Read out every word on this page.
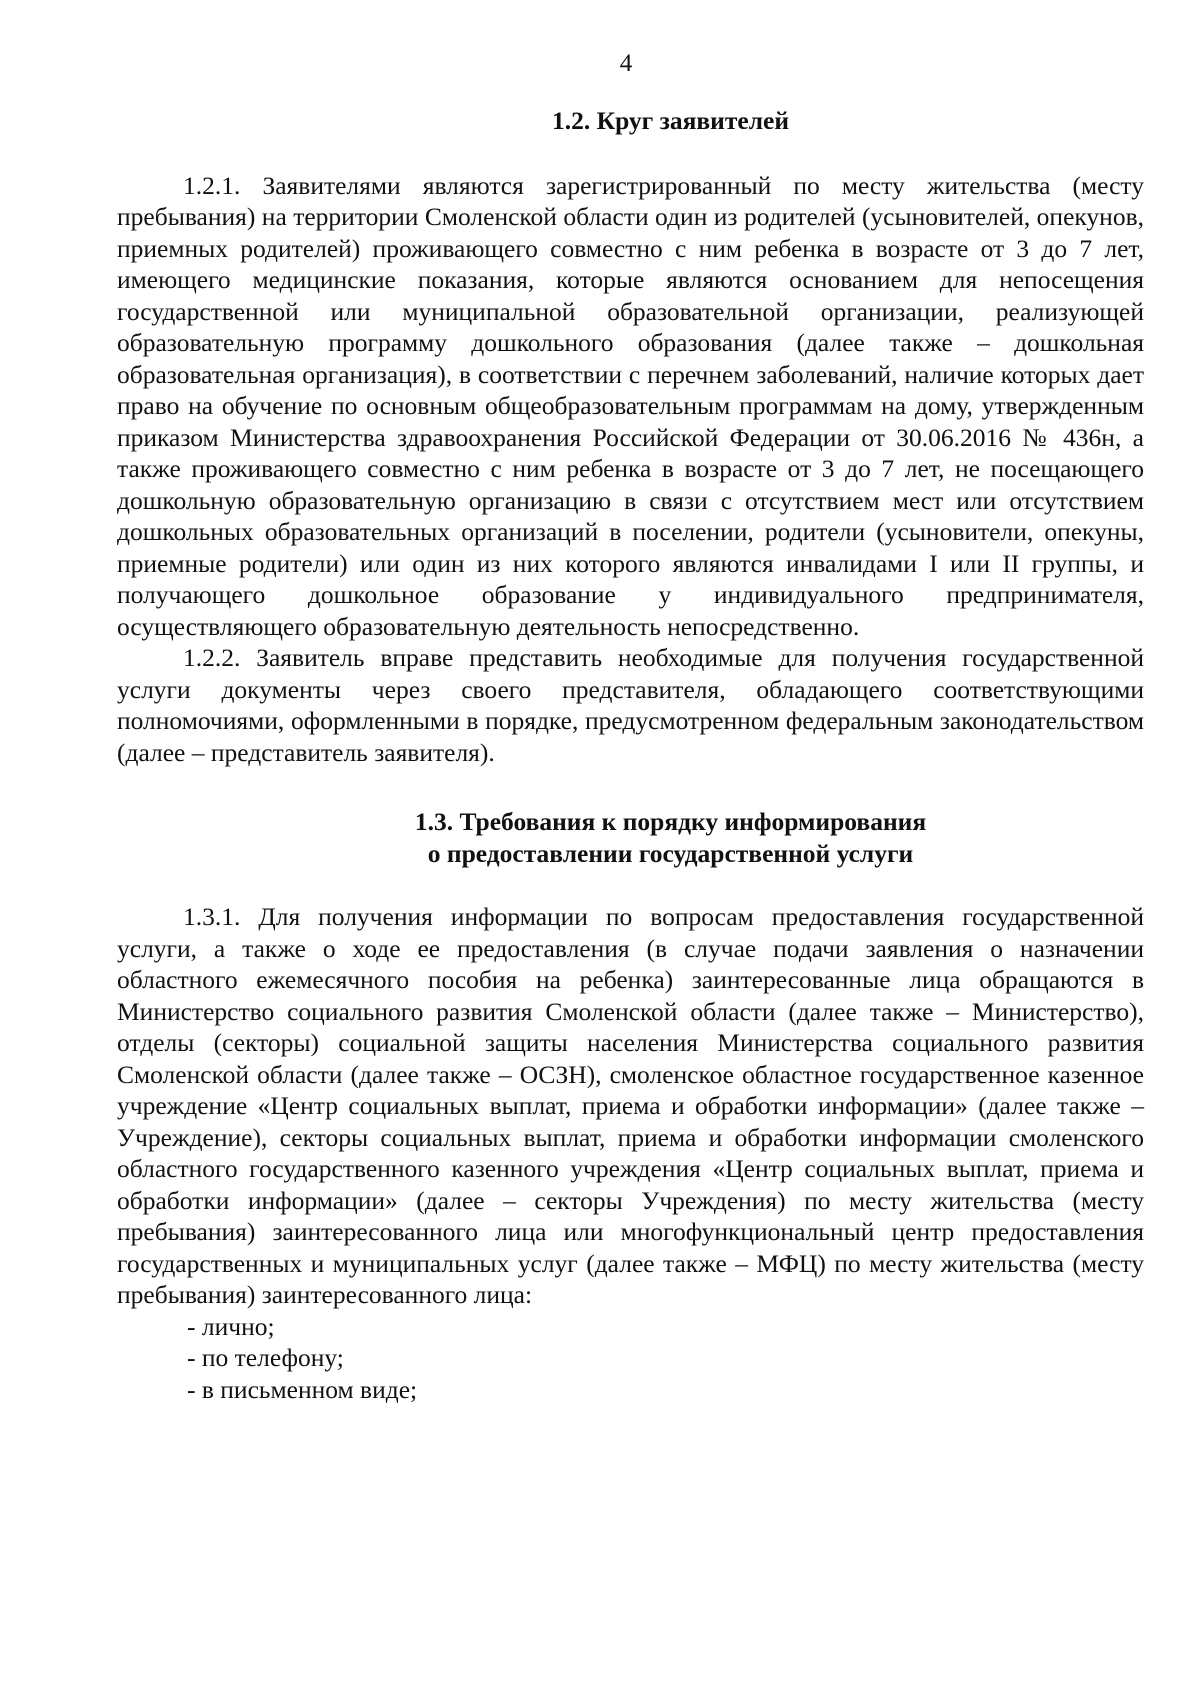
4
1.2. Круг заявителей

1.2.1. Заявителями являются зарегистрированный по месту жительства (месту пребывания) на территории Смоленской области один из родителей (усыновителей, опекунов, приемных родителей) проживающего совместно с ним ребенка в возрасте от 3 до 7 лет, имеющего медицинские показания, которые являются основанием для непосещения государственной или муниципальной образовательной организации, реализующей образовательную программу дошкольного образования (далее также – дошкольная образовательная организация), в соответствии с перечнем заболеваний, наличие которых дает право на обучение по основным общеобразовательным программам на дому, утвержденным приказом Министерства здравоохранения Российской Федерации от 30.06.2016 № 436н, а также проживающего совместно с ним ребенка в возрасте от 3 до 7 лет, не посещающего дошкольную образовательную организацию в связи с отсутствием мест или отсутствием дошкольных образовательных организаций в поселении, родители (усыновители, опекуны, приемные родители) или один из них которого являются инвалидами I или II группы, и получающего дошкольное образование у индивидуального предпринимателя, осуществляющего образовательную деятельность непосредственно.

1.2.2. Заявитель вправе представить необходимые для получения государственной услуги документы через своего представителя, обладающего соответствующими полномочиями, оформленными в порядке, предусмотренном федеральным законодательством (далее – представитель заявителя).

1.3. Требования к порядку информирования
о предоставлении государственной услуги

1.3.1. Для получения информации по вопросам предоставления государственной услуги, а также о ходе ее предоставления (в случае подачи заявления о назначении областного ежемесячного пособия на ребенка) заинтересованные лица обращаются в Министерство социального развития Смоленской области (далее также – Министерство), отделы (секторы) социальной защиты населения Министерства социального развития Смоленской области (далее также – ОСЗН), смоленское областное государственное казенное учреждение «Центр социальных выплат, приема и обработки информации» (далее также – Учреждение), секторы социальных выплат, приема и обработки информации смоленского областного государственного казенного учреждения «Центр социальных выплат, приема и обработки информации» (далее – секторы Учреждения) по месту жительства (месту пребывания) заинтересованного лица или многофункциональный центр предоставления государственных и муниципальных услуг (далее также – МФЦ) по месту жительства (месту пребывания) заинтересованного лица:

- лично;
- по телефону;
- в письменном виде;
